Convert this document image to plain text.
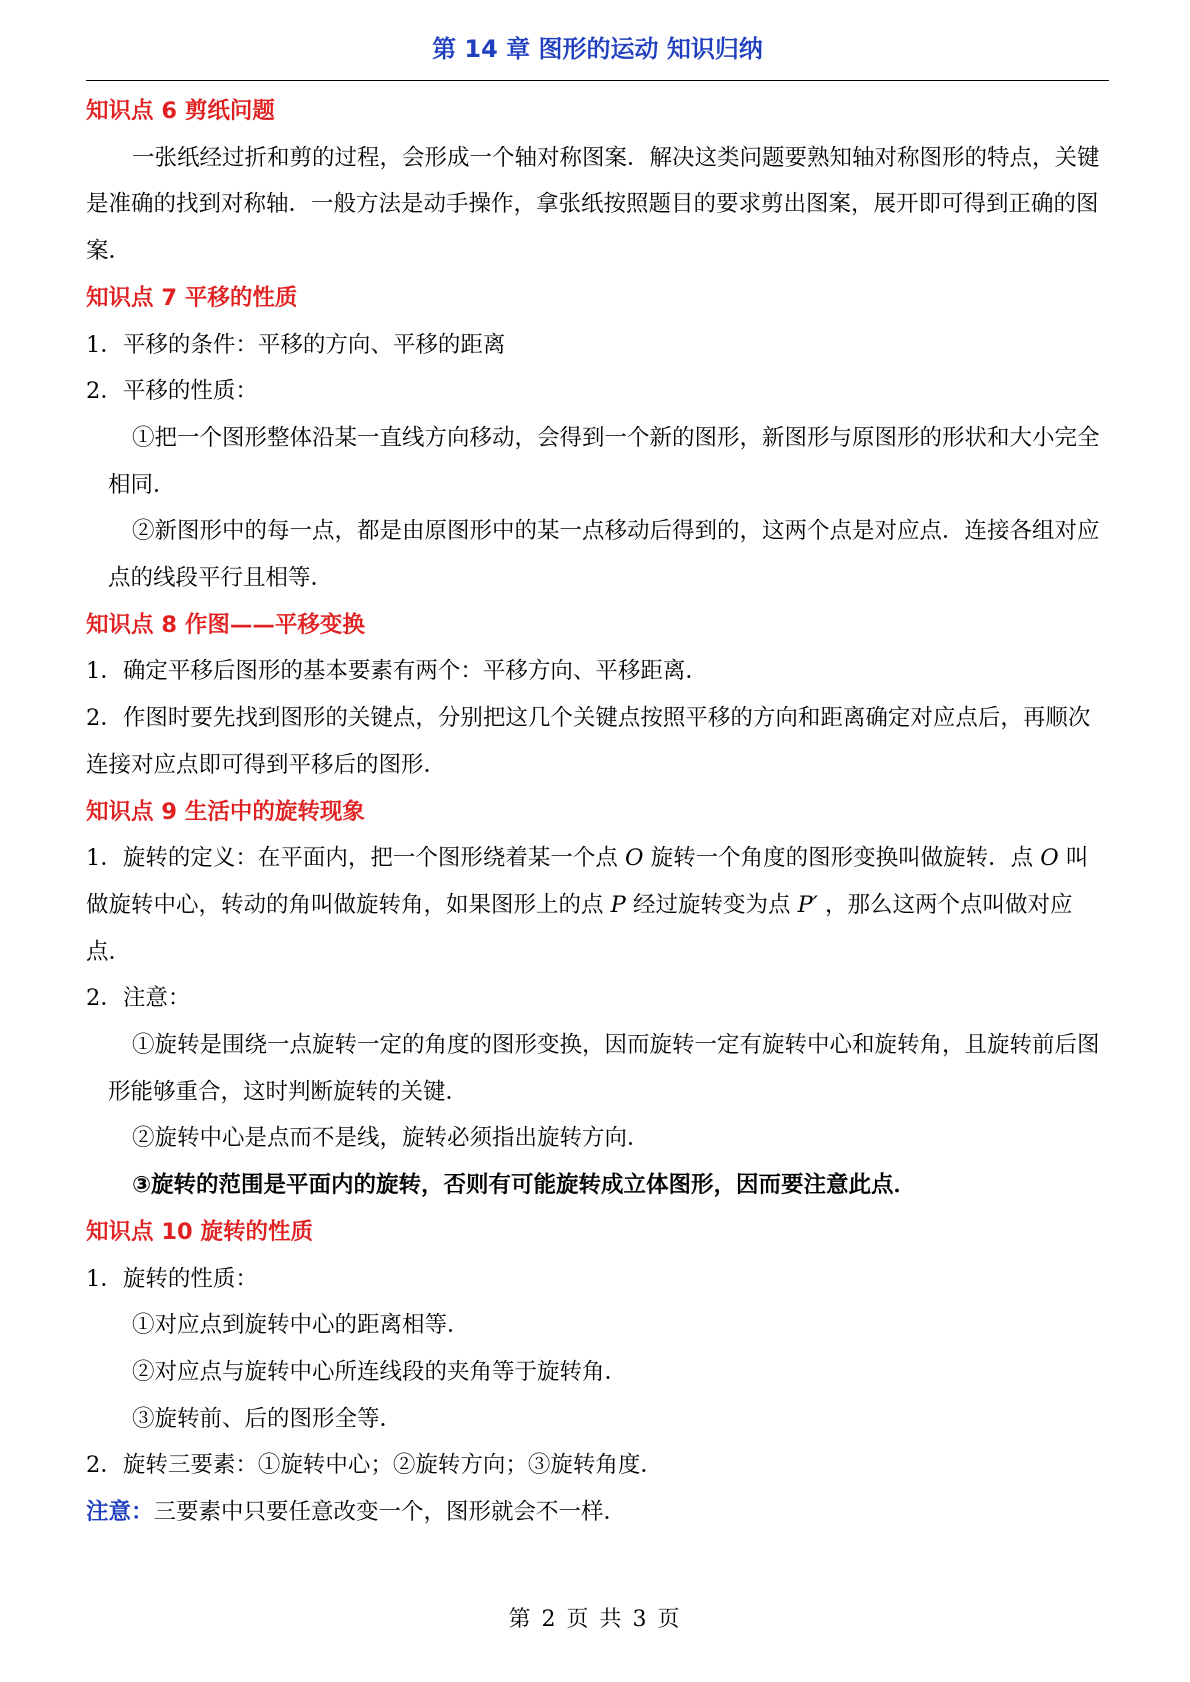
第 14 章 图形的运动 知识归纳

知识点 6 剪纸问题

一张纸经过折和剪的过程，会形成一个轴对称图案．解决这类问题要熟知轴对称图形的特点，关键是准确的找到对称轴．一般方法是动手操作，拿张纸按照题目的要求剪出图案，展开即可得到正确的图案．

知识点 7 平移的性质

1．平移的条件：平移的方向、平移的距离

2．平移的性质：

①把一个图形整体沿某一直线方向移动，会得到一个新的图形，新图形与原图形的形状和大小完全相同．

②新图形中的每一点，都是由原图形中的某一点移动后得到的，这两个点是对应点．连接各组对应点的线段平行且相等．

知识点 8 作图——平移变换

1．确定平移后图形的基本要素有两个：平移方向、平移距离．

2．作图时要先找到图形的关键点，分别把这几个关键点按照平移的方向和距离确定对应点后，再顺次连接对应点即可得到平移后的图形．

知识点 9 生活中的旋转现象

1．旋转的定义：在平面内，把一个图形绕着某一个点 O 旋转一个角度的图形变换叫做旋转．点 O 叫做旋转中心，转动的角叫做旋转角，如果图形上的点 P 经过旋转变为点 P′ ，那么这两个点叫做对应点．

2．注意：

①旋转是围绕一点旋转一定的角度的图形变换，因而旋转一定有旋转中心和旋转角，且旋转前后图形能够重合，这时判断旋转的关键．

②旋转中心是点而不是线，旋转必须指出旋转方向．

③旋转的范围是平面内的旋转，否则有可能旋转成立体图形，因而要注意此点．

知识点 10 旋转的性质

1．旋转的性质：

①对应点到旋转中心的距离相等．

②对应点与旋转中心所连线段的夹角等于旋转角．

③旋转前、后的图形全等．

2．旋转三要素：①旋转中心；②旋转方向；③旋转角度．

注意：三要素中只要任意改变一个，图形就会不一样．

第 2 页 共 3 页
